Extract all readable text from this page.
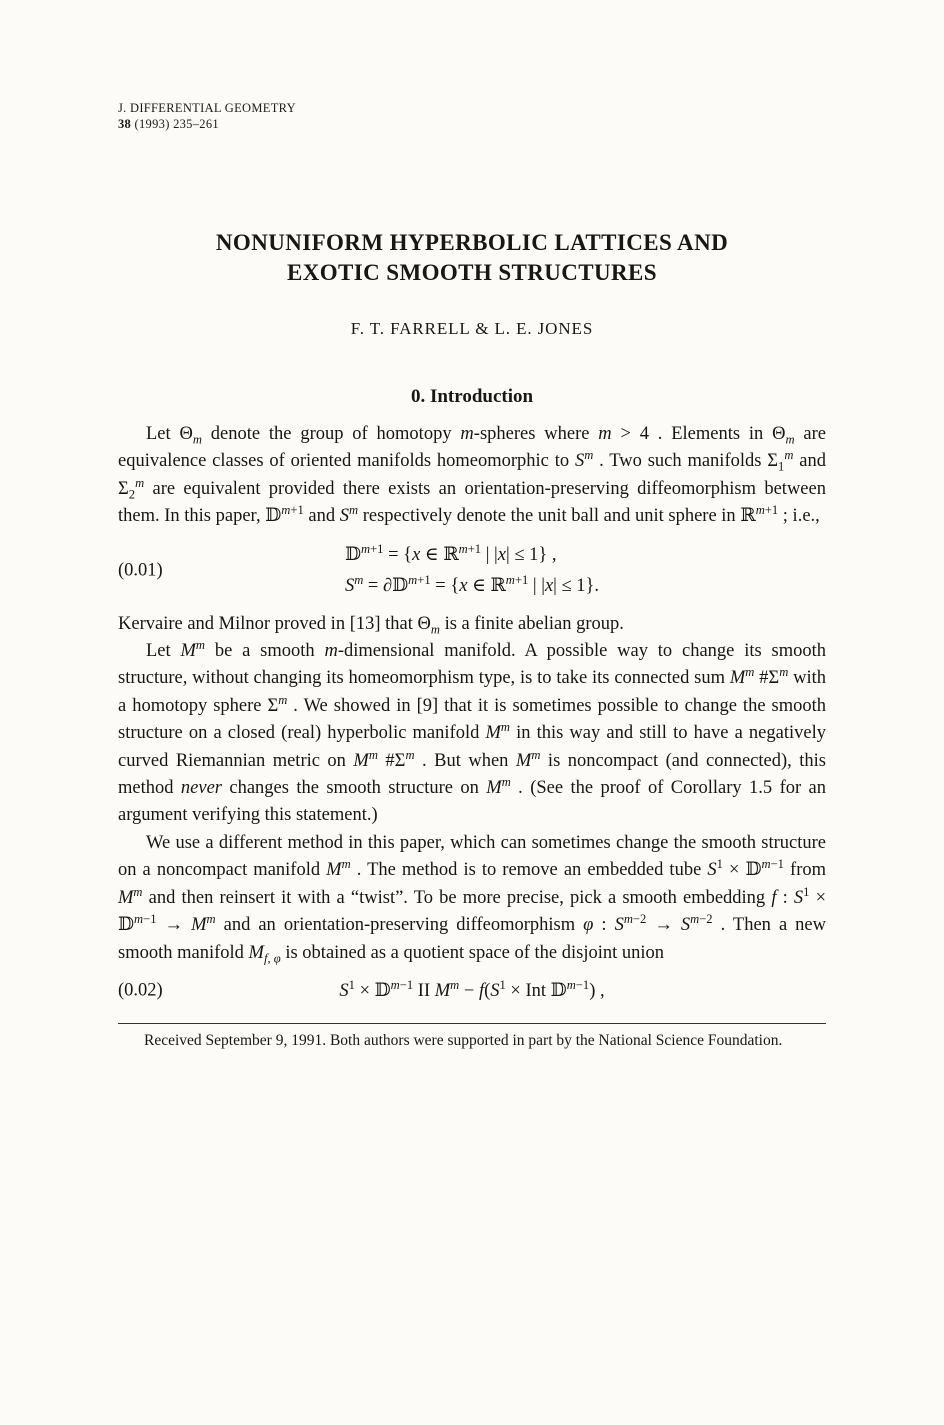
J. DIFFERENTIAL GEOMETRY
38 (1993) 235–261
NONUNIFORM HYPERBOLIC LATTICES AND
EXOTIC SMOOTH STRUCTURES
F. T. FARRELL & L. E. JONES
0. Introduction

Let $\Theta_m$ denote the group of homotopy m-spheres where m > 4 . Elements in $\Theta_m$ are equivalence classes of oriented manifolds homeomorphic to $S^m$ . Two such manifolds $\Sigma_1^m$ and $\Sigma_2^m$ are equivalent provided there exists an orientation-preserving diffeomorphism between them. In this paper, 𝔻$^{m+1}$ and $S^m$ respectively denote the unit ball and unit sphere in ℝ$^{m+1}$ ; i.e.,

(0.01)
𝔻$^{m+1}$ = {x ∈ ℝ$^{m+1}$ | |x| ≤ 1} ,
$S^m$ = ∂𝔻$^{m+1}$ = {x ∈ ℝ$^{m+1}$ | |x| ≤ 1}.

Kervaire and Milnor proved in [13] that $\Theta_m$ is a finite abelian group.

Let $M^m$ be a smooth m-dimensional manifold. A possible way to change its smooth structure, without changing its homeomorphism type, is to take its connected sum $M^m$ $\#\Sigma^m$ with a homotopy sphere $\Sigma^m$ . We showed in [9] that it is sometimes possible to change the smooth structure on a closed (real) hyperbolic manifold $M^m$ in this way and still to have a negatively curved Riemannian metric on $M^m$ $\#\Sigma^m$ . But when $M^m$ is noncompact (and connected), this method never changes the smooth structure on $M^m$ . (See the proof of Corollary 1.5 for an argument verifying this statement.)

We use a different method in this paper, which can sometimes change the smooth structure on a noncompact manifold $M^m$ . The method is to remove an embedded tube $S^1$ × 𝔻$^{m-1}$ from $M^m$ and then reinsert it with a “twist”. To be more precise, pick a smooth embedding f : $S^1$ × 𝔻$^{m-1}$ → $M^m$ and an orientation-preserving diffeomorphism φ : $S^{m-2} \to S^{m-2}$ . Then a new smooth manifold $M_{f, \varphi}$ is obtained as a quotient space of the disjoint union

(0.02)	$S^1$ × 𝔻$^{m-1}$ II $M^m - f(S^1$ × Int 𝔻$^{m-1}$) ,

Received September 9, 1991. Both authors were supported in part by the National Science Foundation.
